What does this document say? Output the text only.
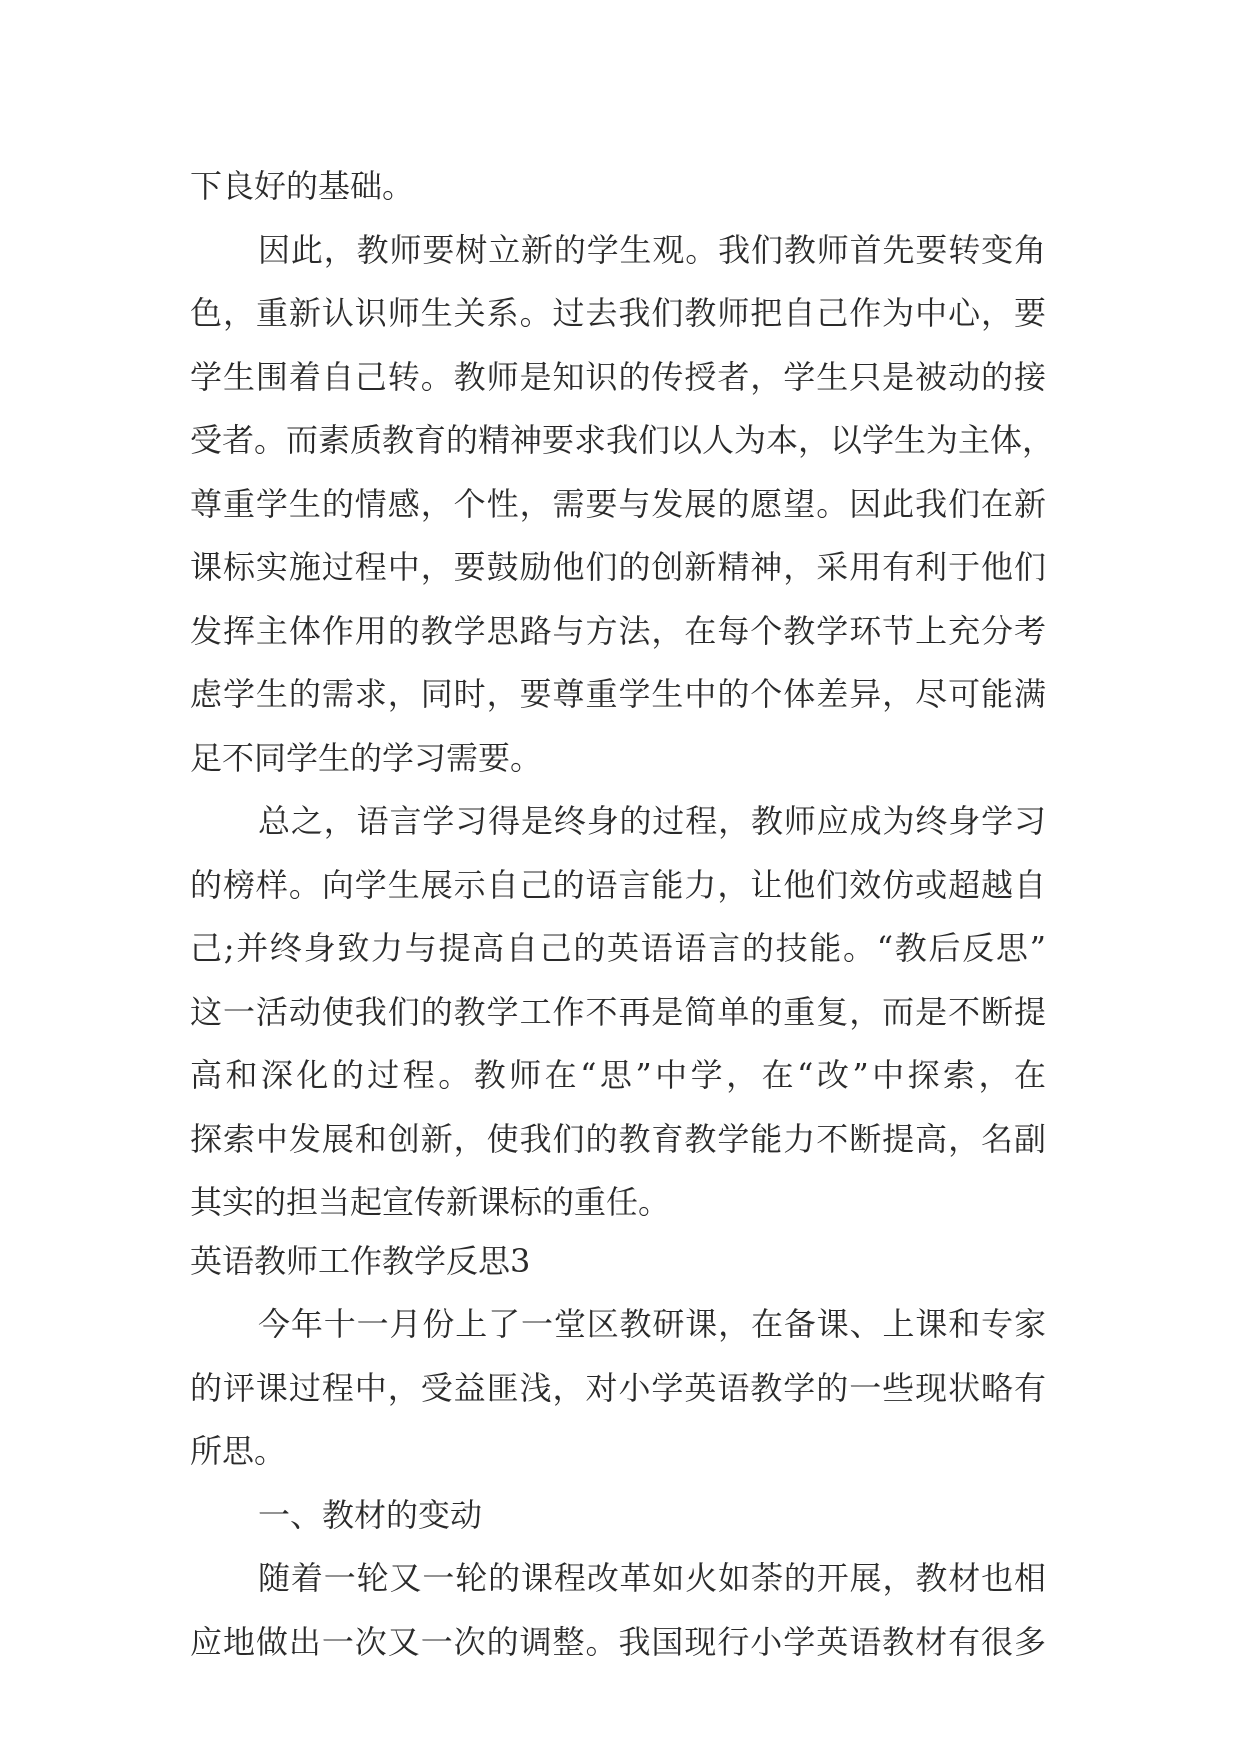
下良好的基础。
因此，教师要树立新的学生观。我们教师首先要转变角
色，重新认识师生关系。过去我们教师把自己作为中心，要
学生围着自己转。教师是知识的传授者，学生只是被动的接
受者。而素质教育的精神要求我们以人为本，以学生为主体，
尊重学生的情感，个性，需要与发展的愿望。因此我们在新
课标实施过程中，要鼓励他们的创新精神，采用有利于他们
发挥主体作用的教学思路与方法，在每个教学环节上充分考
虑学生的需求，同时，要尊重学生中的个体差异，尽可能满
足不同学生的学习需要。
总之，语言学习得是终身的过程，教师应成为终身学习
的榜样。向学生展示自己的语言能力，让他们效仿或超越自
己;并终身致力与提高自己的英语语言的技能。“教后反思”
这一活动使我们的教学工作不再是简单的重复，而是不断提
高和深化的过程。教师在“思”中学，在“改”中探索，在
探索中发展和创新，使我们的教育教学能力不断提高，名副
其实的担当起宣传新课标的重任。
英语教师工作教学反思3
今年十一月份上了一堂区教研课，在备课、上课和专家
的评课过程中，受益匪浅，对小学英语教学的一些现状略有
所思。
一、教材的变动
随着一轮又一轮的课程改革如火如荼的开展，教材也相
应地做出一次又一次的调整。我国现行小学英语教材有很多
